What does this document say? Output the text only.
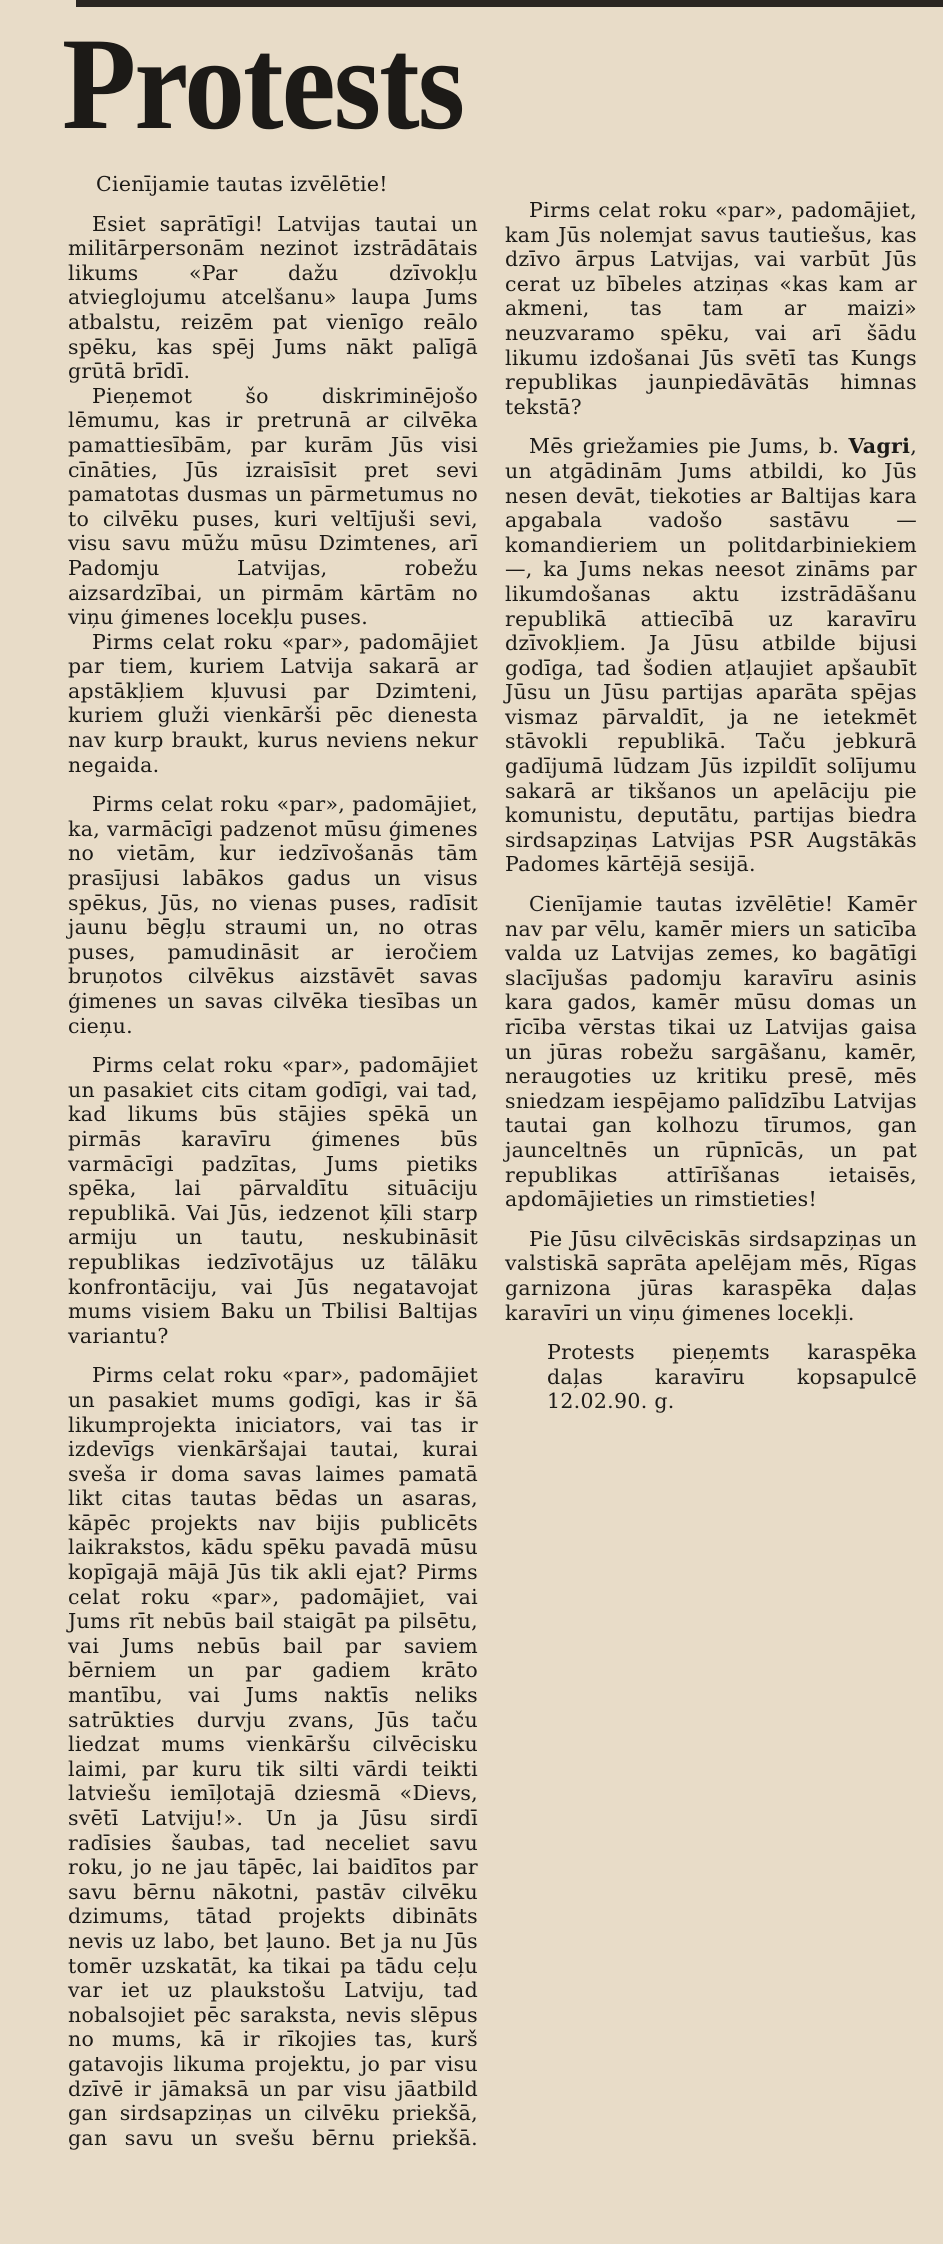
Protests

Cienījamie tautas izvēlētie!

Esiet saprātīgi! Latvijas tautai un militārpersonām nezinot izstrādātais likums «Par dažu dzīvokļu atvieglojumu atcelšanu» laupa Jums atbalstu, reizēm pat vienīgo reālo spēku, kas spēj Jums nākt palīgā grūtā brīdī.

Pieņemot šo diskriminējošo lēmumu, kas ir pretrunā ar cilvēka pamattiesībām, par kurām Jūs visi cīnāties, Jūs izraisīsit pret sevi pamatotas dusmas un pārmetumus no to cilvēku puses, kuri veltījuši sevi, visu savu mūžu mūsu Dzimtenes, arī Padomju Latvijas, robežu aizsardzībai, un pirmām kārtām no viņu ģimenes locekļu puses.

Pirms celat roku «par», padomājiet par tiem, kuriem Latvija sakarā ar apstākļiem kļuvusi par Dzimteni, kuriem gluži vienkārši pēc dienesta nav kurp braukt, kurus neviens nekur negaida.

Pirms celat roku «par», padomājiet, ka, varmācīgi padzenot mūsu ģimenes no vietām, kur iedzīvošanās tām prasījusi labākos gadus un visus spēkus, Jūs, no vienas puses, radīsit jaunu bēgļu straumi un, no otras puses, pamudināsit ar ieročiem bruņotos cilvēkus aizstāvēt savas ģimenes un savas cilvēka tiesības un cieņu.

Pirms celat roku «par», padomājiet un pasakiet cits citam godīgi, vai tad, kad likums būs stājies spēkā un pirmās karavīru ģimenes būs varmācīgi padzītas, Jums pietiks spēka, lai pārvaldītu situāciju republikā. Vai Jūs, iedzenot ķīli starp armiju un tautu, neskubināsit republikas iedzīvotājus uz tālāku konfrontāciju, vai Jūs negatavojat mums visiem Baku un Tbilisi Baltijas variantu?

Pirms celat roku «par», padomājiet un pasakiet mums godīgi, kas ir šā likumprojekta iniciators, vai tas ir izdevīgs vienkāršajai tautai, kurai sveša ir doma savas laimes pamatā likt citas tautas bēdas un asaras, kāpēc projekts nav bijis publicēts laikrakstos, kādu spēku pavadā mūsu kopīgajā mājā Jūs tik akli ejat? Pirms celat roku «par», padomājiet, vai Jums rīt nebūs bail staigāt pa pilsētu, vai Jums nebūs bail par saviem bērniem un par gadiem krāto mantību, vai Jums naktīs neliks satrūkties durvju zvans, Jūs taču liedzat mums vienkāršu cilvēcisku laimi, par kuru tik silti vārdi teikti latviešu iemīļotajā dziesmā «Dievs, svētī Latviju!». Un ja Jūsu sirdī radīsies šaubas, tad neceliet savu roku, jo ne jau tāpēc, lai baidītos par savu bērnu nākotni, pastāv cilvēku dzimums, tātad projekts dibināts nevis uz labo, bet ļauno. Bet ja nu Jūs tomēr uzskatāt, ka tikai pa tādu ceļu var iet uz plaukstošu Latviju, tad nobalsojiet pēc saraksta, nevis slēpus no mums, kā ir rīkojies tas, kurš gatavojis likuma projektu, jo par visu dzīvē ir jāmaksā un par visu jāatbild gan sirdsapziņas un cilvēku priekšā, gan savu un svešu bērnu priekšā.

Pirms celat roku «par», padomājiet, kam Jūs nolemjat savus tautiešus, kas dzīvo ārpus Latvijas, vai varbūt Jūs cerat uz bībeles atziņas «kas kam ar akmeni, tas tam ar maizi» neuzvaramo spēku, vai arī šādu likumu izdošanai Jūs svētī tas Kungs republikas jaunpiedāvātās himnas tekstā?

Mēs griežamies pie Jums, b. Vagri, un atgādinām Jums atbildi, ko Jūs nesen devāt, tiekoties ar Baltijas kara apgabala vadošo sastāvu — komandieriem un politdarbiniekiem —, ka Jums nekas neesot zināms par likumdošanas aktu izstrādāšanu republikā attiecībā uz karavīru dzīvokļiem. Ja Jūsu atbilde bijusi godīga, tad šodien atļaujiet apšaubīt Jūsu un Jūsu partijas aparāta spējas vismaz pārvaldīt, ja ne ietekmēt stāvokli republikā. Taču jebkurā gadījumā lūdzam Jūs izpildīt solījumu sakarā ar tikšanos un apelāciju pie komunistu, deputātu, partijas biedra sirdsapziņas Latvijas PSR Augstākās Padomes kārtējā sesijā.

Cienījamie tautas izvēlētie! Kamēr nav par vēlu, kamēr miers un saticība valda uz Latvijas zemes, ko bagātīgi slacījušas padomju karavīru asinis kara gados, kamēr mūsu domas un rīcība vērstas tikai uz Latvijas gaisa un jūras robežu sargāšanu, kamēr, neraugoties uz kritiku presē, mēs sniedzam iespējamo palīdzību Latvijas tautai gan kolhozu tīrumos, gan jaunceltnēs un rūpnīcās, un pat republikas attīrīšanas ietaisēs, apdomājieties un rimstieties!

Pie Jūsu cilvēciskās sirdsapziņas un valstiskā saprāta apelējam mēs, Rīgas garnizona jūras karaspēka daļas karavīri un viņu ģimenes locekļi.

Protests pieņemts karaspēka daļas karavīru kopsapulcē 12.02.90. g.
